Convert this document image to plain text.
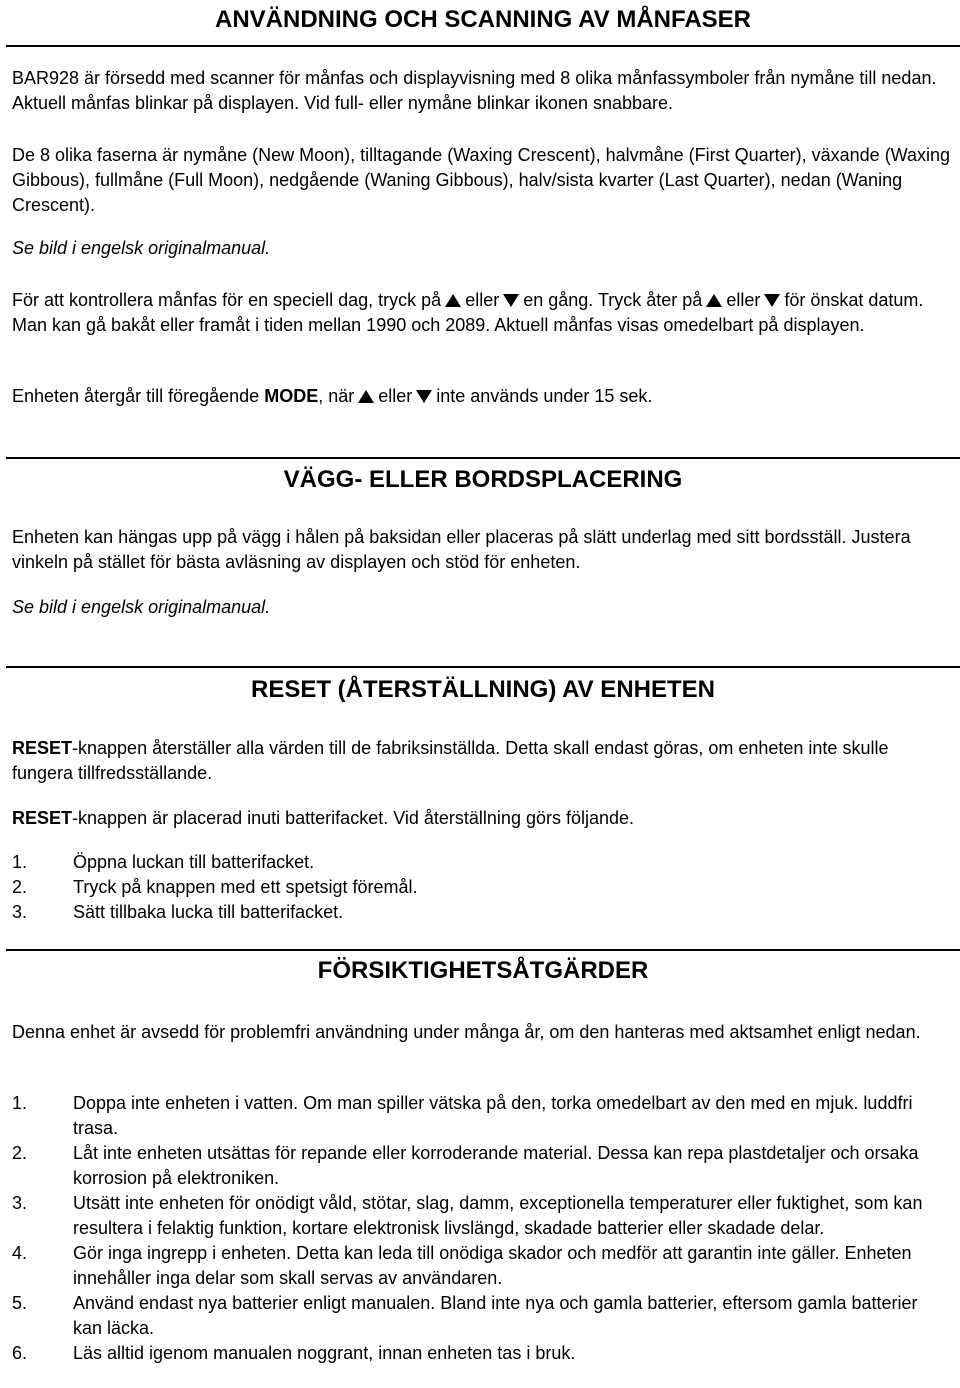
ANVÄNDNING OCH SCANNING AV MÅNFASER
BAR928 är försedd med scanner för månfas och displayvisning med 8 olika månfassymboler från nymåne till nedan. Aktuell månfas blinkar på displayen. Vid full- eller nymåne blinkar ikonen snabbare.
De 8 olika faserna är nymåne (New Moon), tilltagande (Waxing Crescent), halvmåne (First Quarter), växande (Waxing Gibbous), fullmåne (Full Moon), nedgående (Waning Gibbous), halv/sista kvarter (Last Quarter), nedan (Waning Crescent).
Se bild i engelsk originalmanual.
För att kontrollera månfas för en speciell dag, tryck på eller en gång. Tryck åter på eller för önskat datum. Man kan gå bakåt eller framåt i tiden mellan 1990 och 2089. Aktuell månfas visas omedelbart på displayen.
Enheten återgår till föregående MODE, när eller inte används under 15 sek.
VÄGG- ELLER BORDSPLACERING
Enheten kan hängas upp på vägg i hålen på baksidan eller placeras på slätt underlag med sitt bordsställ. Justera vinkeln på stället för bästa avläsning av displayen och stöd för enheten.
Se bild i engelsk originalmanual.
RESET (ÅTERSTÄLLNING) AV ENHETEN
RESET-knappen återställer alla värden till de fabriksinställda. Detta skall endast göras, om enheten inte skulle fungera tillfredsställande.
RESET-knappen är placerad inuti batterifacket. Vid återställning görs följande.
1.	Öppna luckan till batterifacket.
2.	Tryck på knappen med ett spetsigt föremål.
3.	Sätt tillbaka lucka till batterifacket.
FÖRSIKTIGHETSÅTGÄRDER
Denna enhet är avsedd för problemfri användning under många år, om den hanteras med aktsamhet enligt nedan.
1.	Doppa inte enheten i vatten. Om man spiller vätska på den, torka omedelbart av den med en mjuk. luddfri trasa.
2.	Låt inte enheten utsättas för repande eller korroderande material. Dessa kan repa plastdetaljer och orsaka korrosion på elektroniken.
3.	Utsätt inte enheten för onödigt våld, stötar, slag, damm, exceptionella temperaturer eller fuktighet, som kan resultera i felaktig funktion, kortare elektronisk livslängd, skadade batterier eller skadade delar.
4.	Gör inga ingrepp i enheten. Detta kan leda till onödiga skador och medför att garantin inte gäller. Enheten innehåller inga delar som skall servas av användaren.
5.	Använd endast nya batterier enligt manualen. Bland inte nya och gamla batterier, eftersom gamla batterier kan läcka.
6.	Läs alltid igenom manualen noggrant, innan enheten tas i bruk.
